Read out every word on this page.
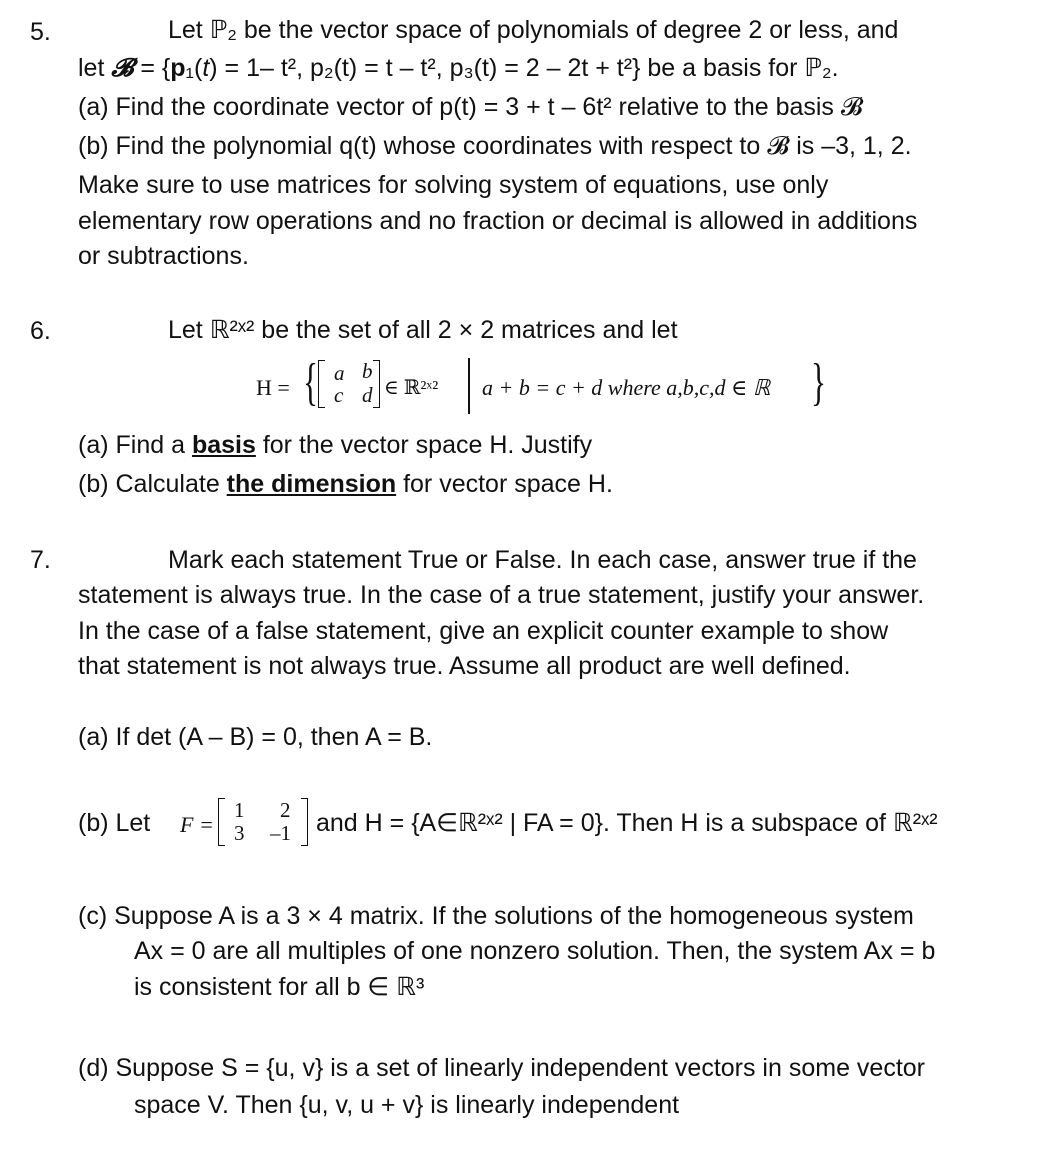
5.	Let ℙ₂ be the vector space of polynomials of degree 2 or less, and
let 𝓑 = {p₁(t) = 1– t², p₂(t) = t – t², p₃(t) = 2 – 2t + t²} be a basis for ℙ₂.
(a) Find the coordinate vector of p(t) = 3 + t – 6t² relative to the basis 𝓑
(b) Find the polynomial q(t) whose coordinates with respect to 𝓑 is –3, 1, 2.
Make sure to use matrices for solving system of equations, use only
elementary row operations and no fraction or decimal is allowed in additions
or subtractions.
6.	Let ℝ²ˣ² be the set of all 2 × 2 matrices and let
H = { a b
c d ∈ ℝ²ˣ² a + b = c + d where a,b,c,d ∈ ℝ }
(a) Find a basis for the vector space H. Justify
(b) Calculate the dimension for vector space H.
7.	Mark each statement True or False. In each case, answer true if the
statement is always true. In the case of a true statement, justify your answer.
In the case of a false statement, give an explicit counter example to show
that statement is not always true. Assume all product are well defined.
(a) If det (A – B) = 0, then A = B.
(b) Let F =
1 2
3 –1 and H = {A∈ℝ²ˣ² | FA = 0}. Then H is a subspace of ℝ²ˣ²
(c) Suppose A is a 3 × 4 matrix. If the solutions of the homogeneous system
Ax = 0 are all multiples of one nonzero solution. Then, the system Ax = b
is consistent for all b ∈ ℝ³
(d) Suppose S = {u, v} is a set of linearly independent vectors in some vector
space V. Then {u, v, u + v} is linearly independent
